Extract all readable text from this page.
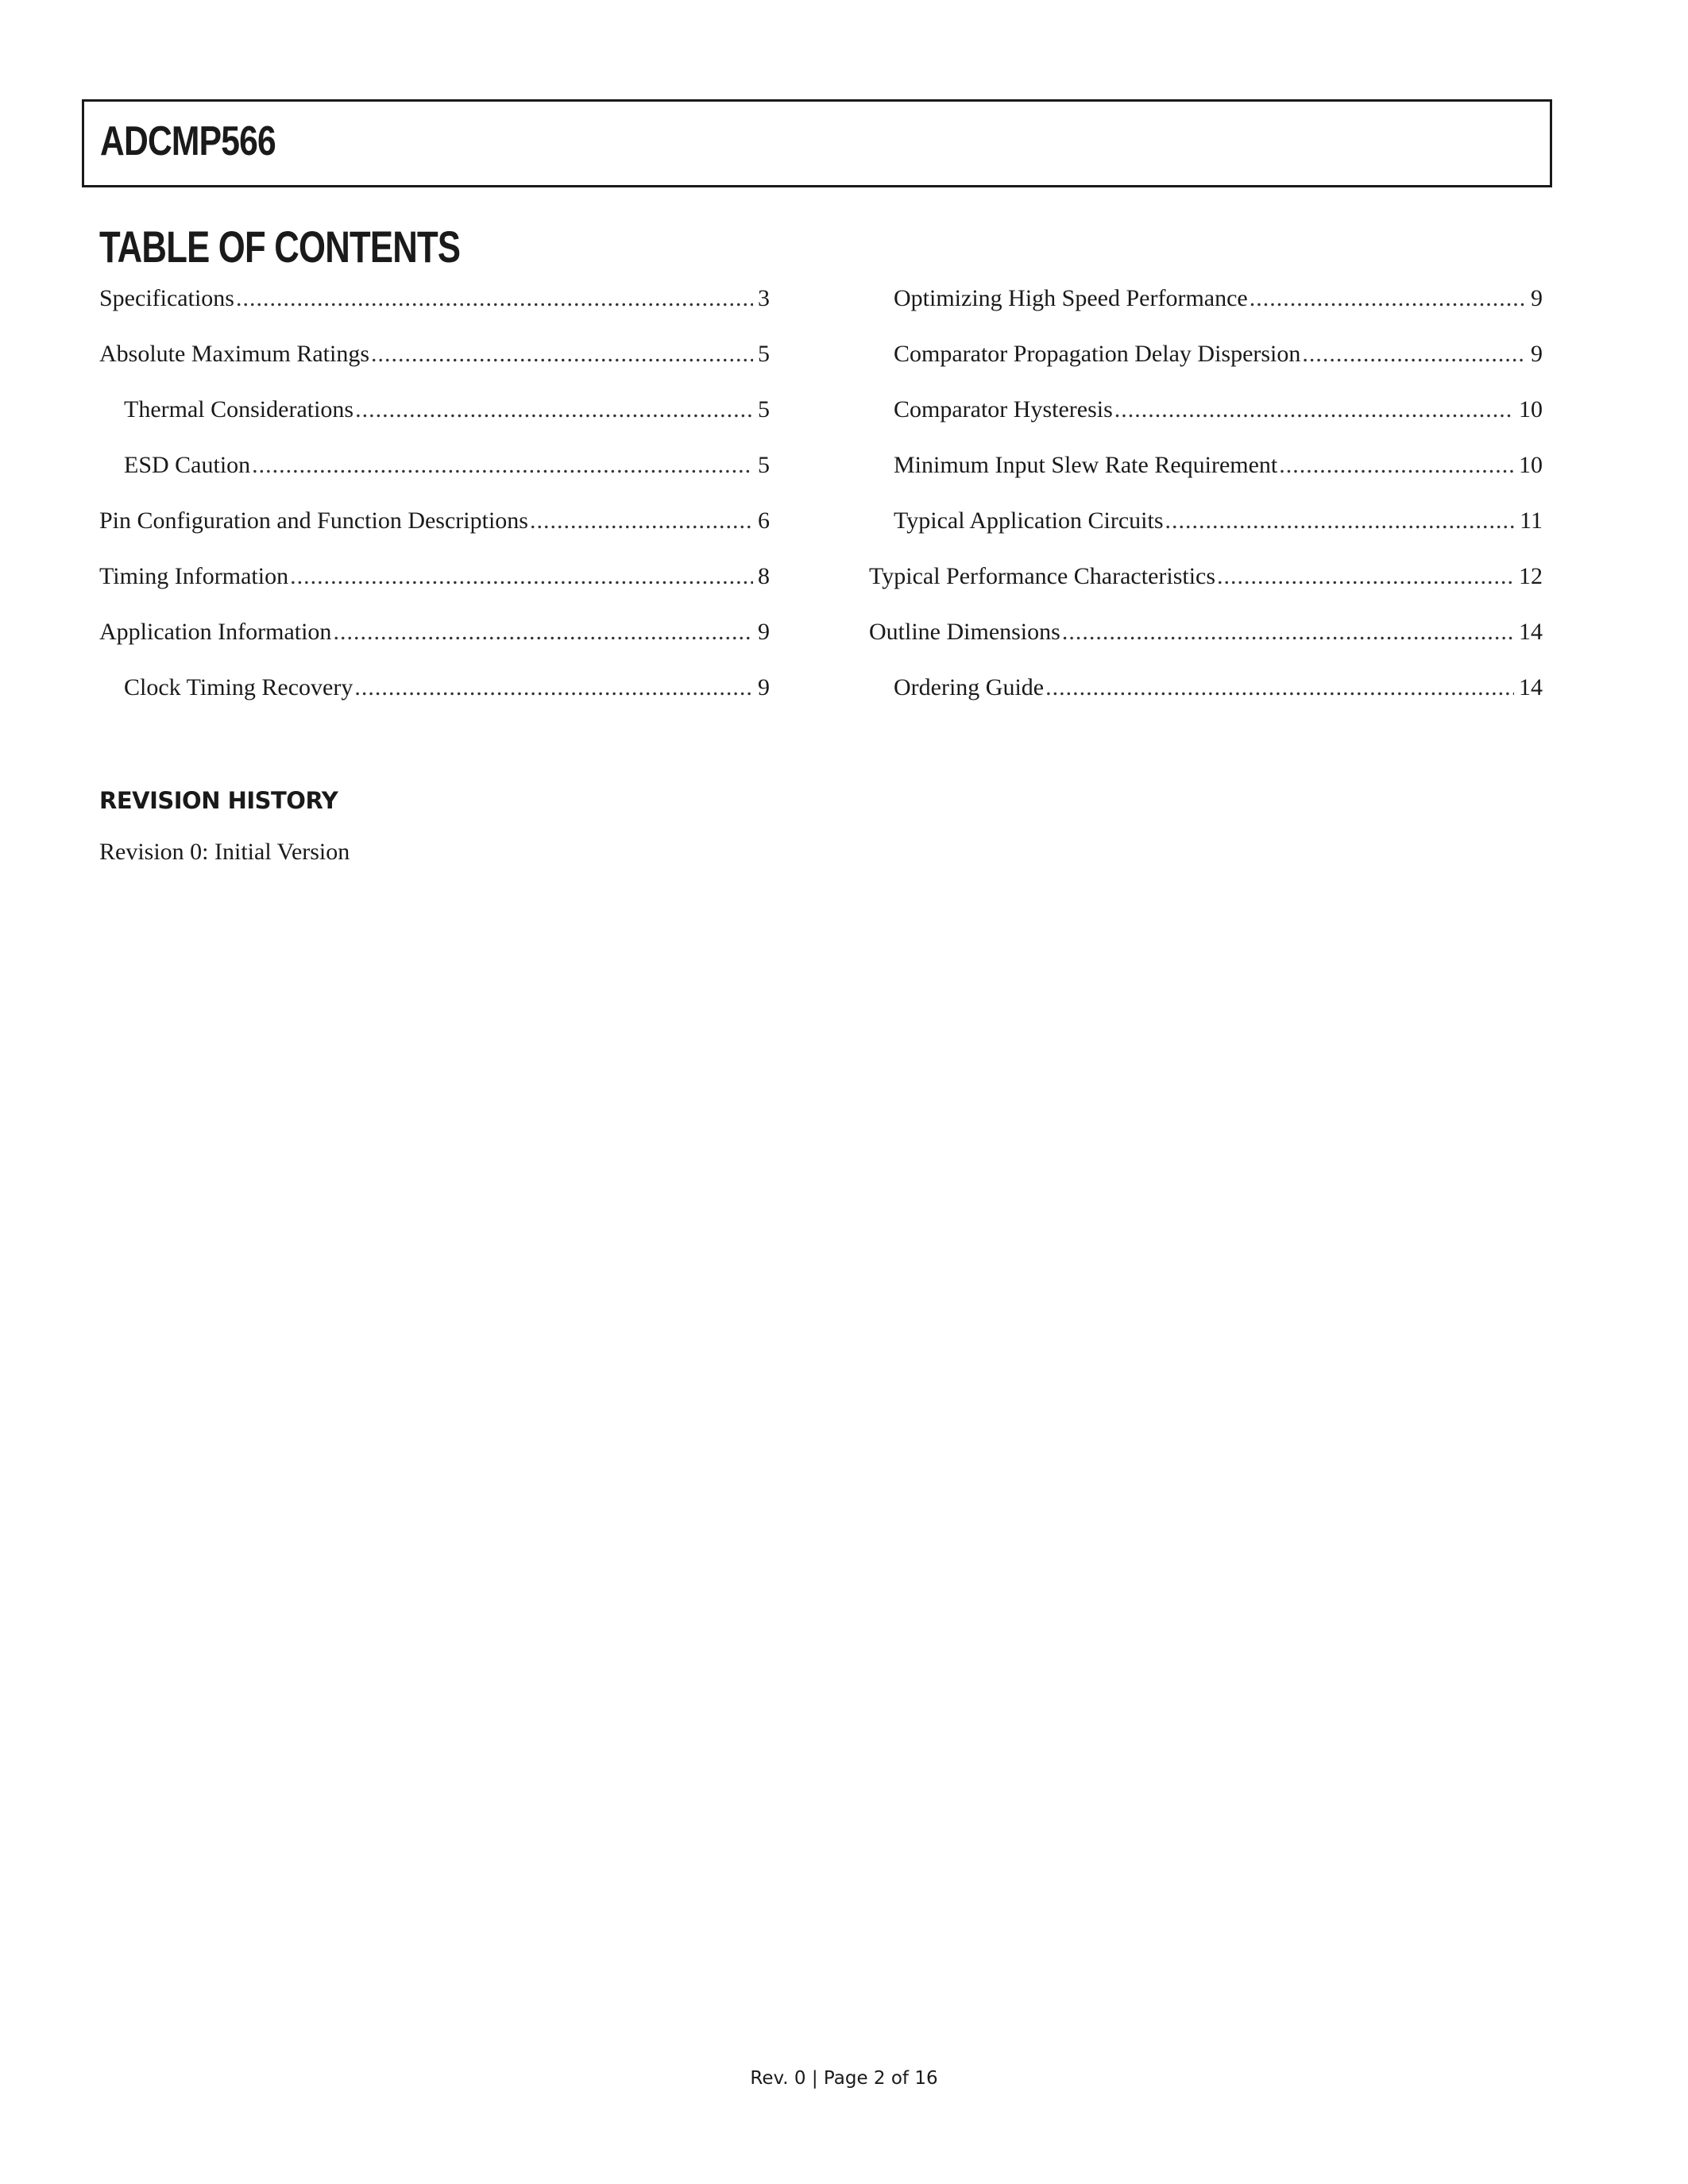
ADCMP566
TABLE OF CONTENTS
Specifications .....	3
Absolute Maximum Ratings .....	5
Thermal Considerations .....	5
ESD Caution .....	5
Pin Configuration and Function Descriptions .....	6
Timing Information .....	8
Application Information .....	9
Clock Timing Recovery .....	9
Optimizing High Speed Performance .....	9
Comparator Propagation Delay Dispersion .....	9
Comparator Hysteresis .....	10
Minimum Input Slew Rate Requirement .....	10
Typical Application Circuits .....	11
Typical Performance Characteristics .....	12
Outline Dimensions .....	14
Ordering Guide .....	14
REVISION HISTORY
Revision 0: Initial Version
Rev. 0 | Page 2 of 16
